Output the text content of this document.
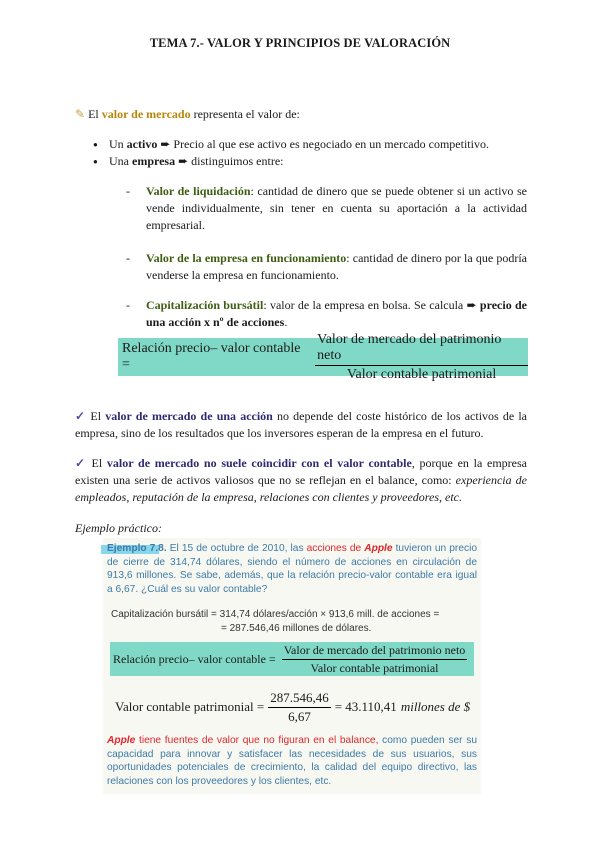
TEMA 7.- VALOR Y PRINCIPIOS DE VALORACIÓN
✎ El valor de mercado representa el valor de:
● Un activo ➨ Precio al que ese activo es negociado en un mercado competitivo.
● Una empresa ➨ distinguimos entre:
-	Valor de liquidación: cantidad de dinero que se puede obtener si un activo se vende individualmente, sin tener en cuenta su aportación a la actividad empresarial.
-	Valor de la empresa en funcionamiento: cantidad de dinero por la que podría venderse la empresa en funcionamiento.
-	Capitalización bursátil: valor de la empresa en bolsa. Se calcula ➨ precio de una acción x nº de acciones.
Relación precio– valor contable =	$\frac{\text{Valor de mercado del patrimonio neto}}{\text{Valor contable patrimonial}}$
✓ El valor de mercado de una acción no depende del coste histórico de los activos de la empresa, sino de los resultados que los inversores esperan de la empresa en el futuro.
✓ El valor de mercado no suele coincidir con el valor contable, porque en la empresa existen una serie de activos valiosos que no se reflejan en el balance, como: experiencia de empleados, reputación de la empresa, relaciones con clientes y proveedores, etc.
Ejemplo práctico:
Ejemplo 7.8. El 15 de octubre de 2010, las acciones de Apple tuvieron un precio de cierre de 314,74 dólares, siendo el número de acciones en circulación de 913,6 millones. Se sabe, además, que la relación precio-valor contable era igual a 6,67. ¿Cuál es su valor contable?
Capitalización bursátil = 314,74 dólares/acción × 913,6 mill. de acciones =
= 287.546,46 millones de dólares.
Relación precio– valor contable = $\frac{\text{Valor de mercado del patrimonio neto}}{\text{Valor contable patrimonial}}$
Valor contable patrimonial = $\frac{287.546,46}{6,67} = 43.110,41$ millones de $
Apple tiene fuentes de valor que no figuran en el balance, como pueden ser su capacidad para innovar y satisfacer las necesidades de sus usuarios, sus oportunidades potenciales de crecimiento, la calidad del equipo directivo, las relaciones con los proveedores y los clientes, etc.
